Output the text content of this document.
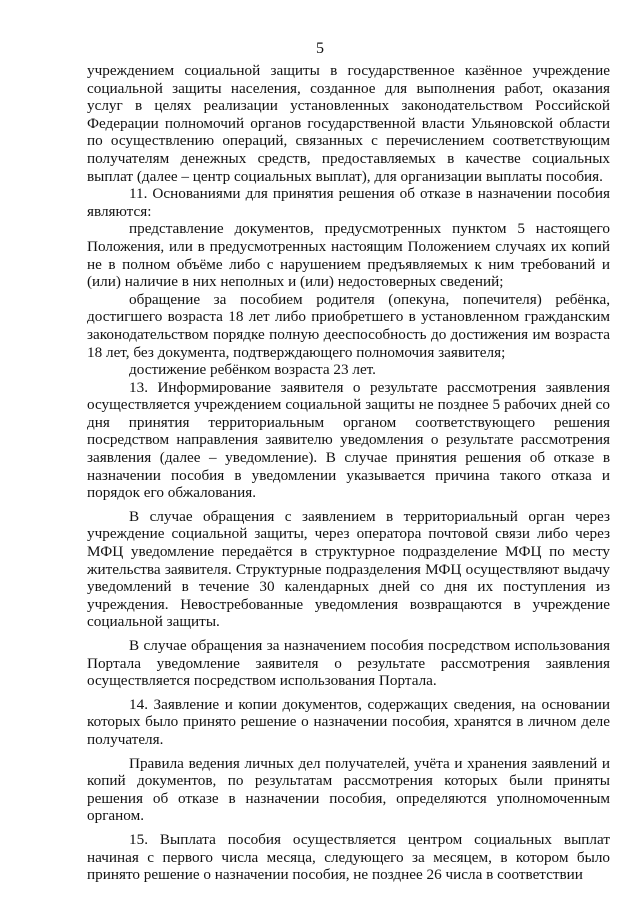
5

учреждением социальной защиты в государственное казённое учреждение социальной защиты населения, созданное для выполнения работ, оказания услуг в целях реализации установленных законодательством Российской Федерации полномочий органов государственной власти Ульяновской области по осуществлению операций, связанных с перечислением соответствующим получателям денежных средств, предоставляемых в качестве социальных выплат (далее – центр социальных выплат), для организации выплаты пособия.

11. Основаниями для принятия решения об отказе в назначении пособия являются:

представление документов, предусмотренных пунктом 5 настоящего Положения, или в предусмотренных настоящим Положением случаях их копий не в полном объёме либо с нарушением предъявляемых к ним требований и (или) наличие в них неполных и (или) недостоверных сведений;

обращение за пособием родителя (опекуна, попечителя) ребёнка, достигшего возраста 18 лет либо приобретшего в установленном гражданским законодательством порядке полную дееспособность до достижения им возраста 18 лет, без документа, подтверждающего полномочия заявителя;

достижение ребёнком возраста 23 лет.

13. Информирование заявителя о результате рассмотрения заявления осуществляется учреждением социальной защиты не позднее 5 рабочих дней со дня принятия территориальным органом соответствующего решения посредством направления заявителю уведомления о результате рассмотрения заявления (далее – уведомление). В случае принятия решения об отказе в назначении пособия в уведомлении указывается причина такого отказа и порядок его обжалования.

В случае обращения с заявлением в территориальный орган через учреждение социальной защиты, через оператора почтовой связи либо через МФЦ уведомление передаётся в структурное подразделение МФЦ по месту жительства заявителя. Структурные подразделения МФЦ осуществляют выдачу уведомлений в течение 30 календарных дней со дня их поступления из учреждения. Невостребованные уведомления возвращаются в учреждение социальной защиты.

В случае обращения за назначением пособия посредством использования Портала уведомление заявителя о результате рассмотрения заявления осуществляется посредством использования Портала.

14. Заявление и копии документов, содержащих сведения, на основании которых было принято решение о назначении пособия, хранятся в личном деле получателя.

Правила ведения личных дел получателей, учёта и хранения заявлений и копий документов, по результатам рассмотрения которых были приняты решения об отказе в назначении пособия, определяются уполномоченным органом.

15. Выплата пособия осуществляется центром социальных выплат начиная с первого числа месяца, следующего за месяцем, в котором было принято решение о назначении пособия, не позднее 26 числа в соответствии
